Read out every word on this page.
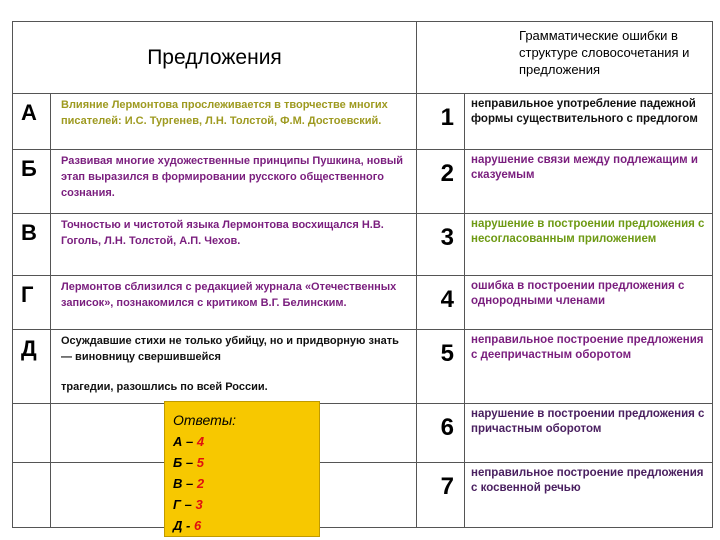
Предложения		Грамматические ошибки в структуре словосочетания и предложения	

А	Влияние Лермонтова прослеживается в творчестве многих писателей: И.С. Тургенев, Л.Н. Толстой, Ф.М. Достоевский.	1	неправильное употребление падежной формы существительного с предлогом
Б	Развивая многие художественные принципы Пушкина, новый этап выразился в формировании русского общественного сознания.	2	нарушение связи между подлежащим и сказуемым
В	Точностью и чистотой языка Лермонтова восхищался Н.В. Гоголь, Л.Н. Толстой, А.П. Чехов.	3	нарушение в построении предложения с несогласованным приложением
Г	Лермонтов сблизился с редакцией журнала «Отечественных записок», познакомился с критиком В.Г. Белинским.	4	ошибка в построении предложения с однородными членами
Д	Осуждавшие стихи не только убийцу, но и придворную знать — виновницу свершившейся
трагедии, разошлись по всей России.	5	неправильное построение предложения с деепричастным оборотом
		6	нарушение в построении предложения с причастным оборотом
		7	неправильное построение предложения с косвенной речью
Ответы:
А – 4
Б – 5
В – 2
Г – 3
Д - 6
